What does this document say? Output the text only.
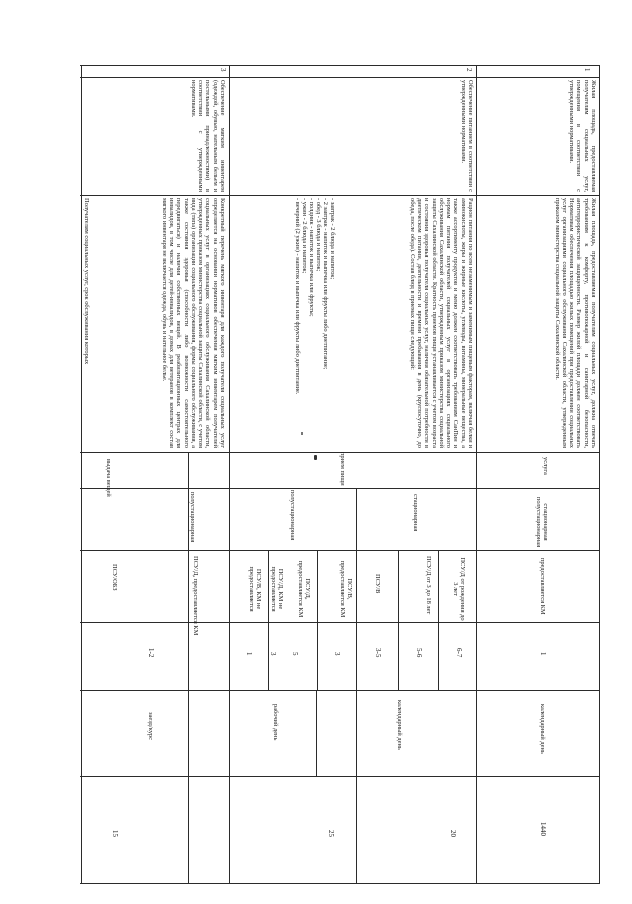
1
Жилая площадь, предоставляемая получателям социальных услуг, помещения в соответствии с утвержденными нормативами.
Жилая площадь, предоставляемая получателям социальных услуг, должна отвечать требованиям к комфорту, противопожарной и санитарной безопасности, антитеррористической защищенности. Размер жилой площади должен соответствовать Нормативам обеспечения площадью жилых помещений при предоставлении социальных услуг организациями социального обслуживания Сахалинской области, утвержденным приказом министерства социальной защиты Сахалинской области.
услуга
стационарная полустационарная
предоставляется КМ
1
календарный день
1440
2
Обеспечение питанием в соответствии с утвержденными нормативами.
Рацион питания по всем незаменимым и заменимым пищевым факторам, включая белки и аминокислоты, жиры и жирные кислоты, углеводы, витамины, минеральные вещества, а также ассортименту продуктов и меню должен соответствовать требованиям СанПин и нормам питания получателей социальных услуг в организациях социального обслуживания Сахалинской области, утвержденным приказом министерства социальной защиты Сахалинской области. Кратность приемов пищи устанавливается с учетом возраста и состояния здоровья получателя социальных услуг, наличия обязательной потребности в диетическом питании, деятельности и времени пребывания в день (круглосуточно, до обеда, после обеда). Состав блюд в приемах пищи следующий:
- завтрак - 2 блюда и напиток;
- 2 завтрак - напиток и выпечка или фрукты либо диетпитание;
- обед - 3 блюда и напиток;
- полдник - напиток и выпечка или фрукты;
- ужин - 2 блюда и напиток;
- вечерний (2 ужин) - напиток и выпечка или фрукты либо диетпитание.
прием пищи
стационарная
полустационарная
ПСУ/Д от рождения до 3 лет
ПСУ/Д от 3 до 18 лет
ПСУ/В
ПСУ/В, предоставляется КМ
ПСУ/Д, предоставляется КМ
ПСУ/Д, КМ не предоставляется
ПСУ/В, КМ не предоставляется
6-7
5-6
3-5
3
5
3
1
календарный день
рабочий день
20
25
3
Обеспечение мягким инвентарем (одеждой, обувью, нательным бельем и постельными принадлежностями) в соответствии с утвержденными нормативами.
Конкретный перечень мягкого инвентаря для каждого получателя социальных услуг определяется на основании нормативов обеспечения мягким инвентарем получателей социальных услуг в организациях социального обслуживания Сахалинской области, утвержденных приказом министерства социальной защиты Сахалинской области, с учетом вида (типа) организации социального обслуживания, формы социального обслуживания, а также состояния здоровья (способности либо возможности самостоятельного передвигаться) и наличия собственных вещей. В реабилитационных центрах для инвалидов, в том числе для детей-инвалидов, в домах для ветеранов в комплект состав мягкого инвентаря не включается одежда, обувь и нательное белье.
Получателям социальных услуг, срок обслуживания которых
выдача вещей
полустационарная
ПСУ/Д, предоставляется КМ
ПСУ/ОБЗ
1-2
заезд/курс
15
